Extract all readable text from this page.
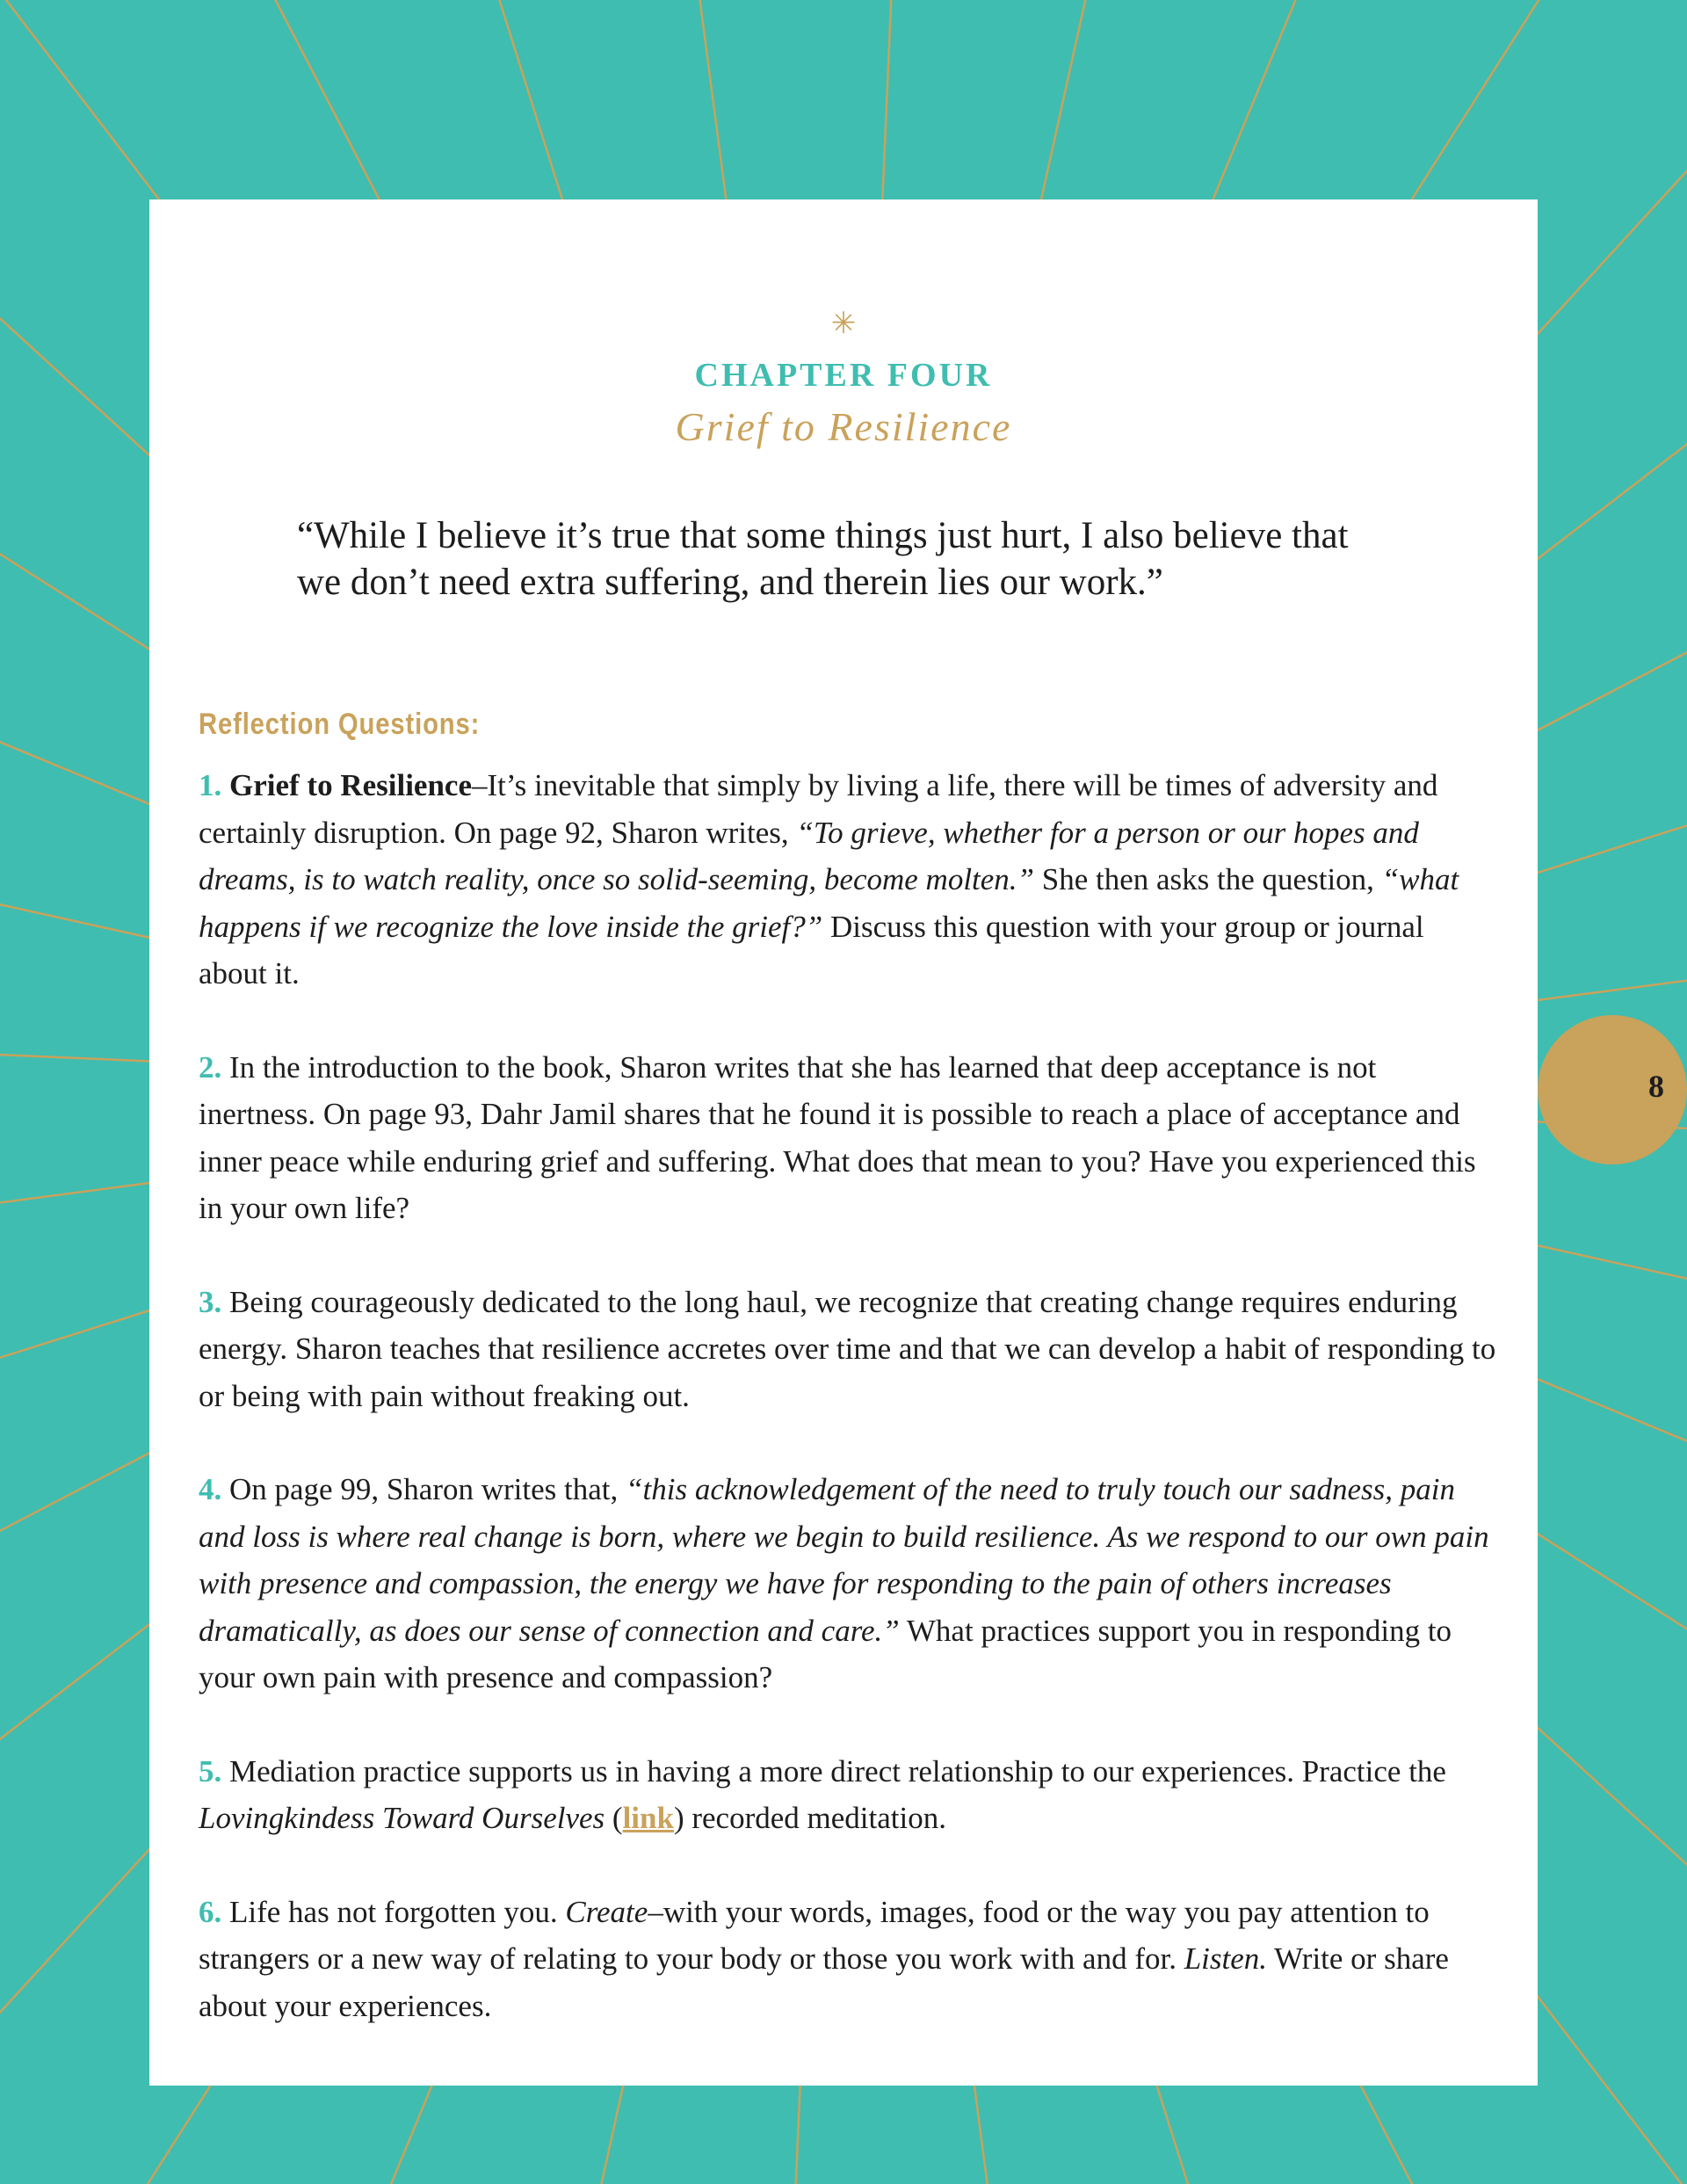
✳
CHAPTER FOUR
Grief to Resilience
“While I believe it’s true that some things just hurt, I also believe that we don’t need extra suffering, and therein lies our work.”
Reflection Questions:
1. Grief to Resilience–It’s inevitable that simply by living a life, there will be times of adversity and certainly disruption. On page 92, Sharon writes, “To grieve, whether for a person or our hopes and dreams, is to watch reality, once so solid-seeming, become molten.” She then asks the question, “what happens if we recognize the love inside the grief?” Discuss this question with your group or journal about it.
2. In the introduction to the book, Sharon writes that she has learned that deep acceptance is not inertness. On page 93, Dahr Jamil shares that he found it is possible to reach a place of acceptance and inner peace while enduring grief and suffering. What does that mean to you? Have you experienced this in your own life?
3. Being courageously dedicated to the long haul, we recognize that creating change requires enduring energy. Sharon teaches that resilience accretes over time and that we can develop a habit of responding to or being with pain without freaking out.
4. On page 99, Sharon writes that, “this acknowledgement of the need to truly touch our sadness, pain and loss is where real change is born, where we begin to build resilience. As we respond to our own pain with presence and compassion, the energy we have for responding to the pain of others increases dramatically, as does our sense of connection and care.” What practices support you in responding to your own pain with presence and compassion?
5. Mediation practice supports us in having a more direct relationship to our experiences. Practice the Lovingkindess Toward Ourselves (link) recorded meditation.
6. Life has not forgotten you. Create–with your words, images, food or the way you pay attention to strangers or a new way of relating to your body or those you work with and for. Listen. Write or share about your experiences.
8
